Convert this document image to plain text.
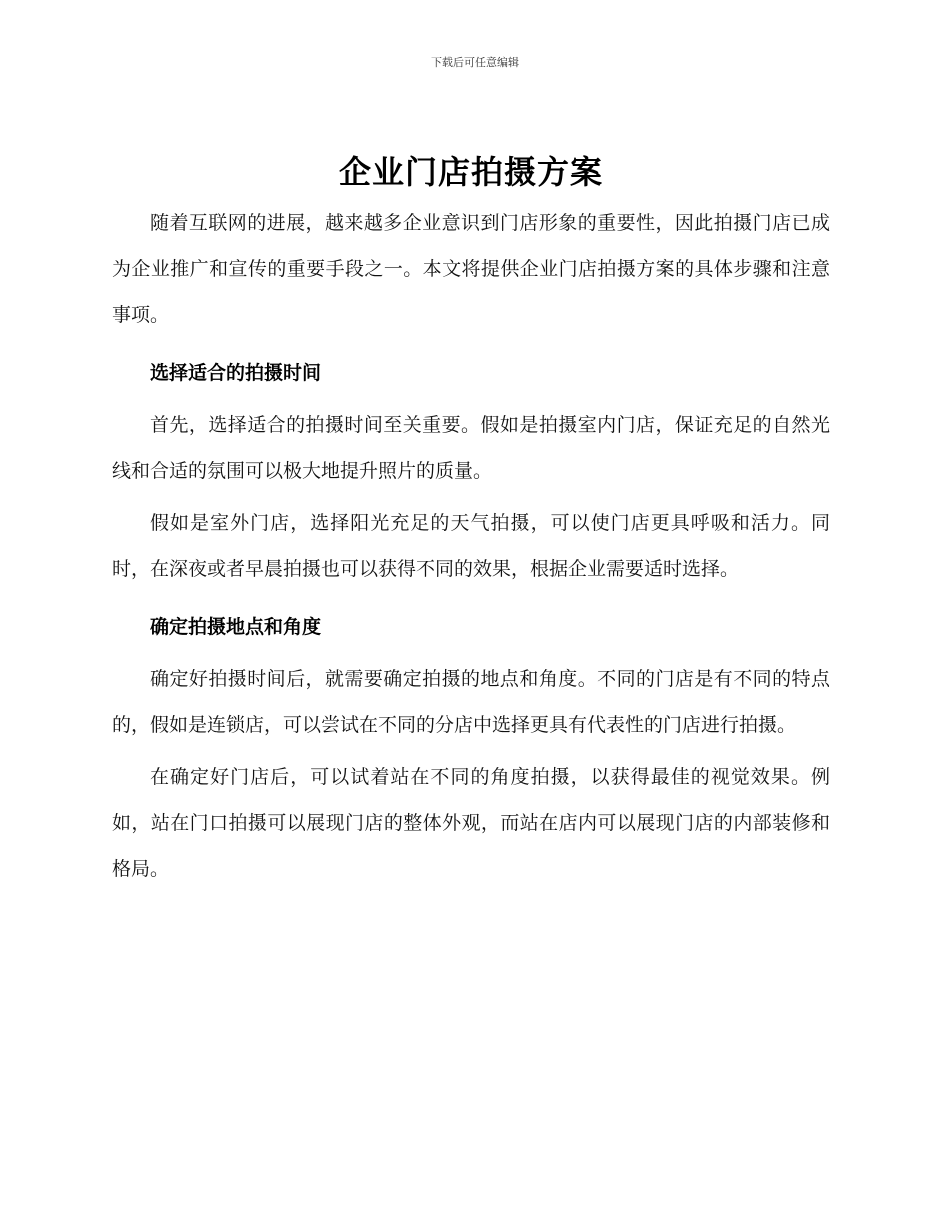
下载后可任意编辑
企业门店拍摄方案

随着互联网的进展，越来越多企业意识到门店形象的重要性，因此拍摄门店已成为企业推广和宣传的重要手段之一。本文将提供企业门店拍摄方案的具体步骤和注意事项。

选择适合的拍摄时间

首先，选择适合的拍摄时间至关重要。假如是拍摄室内门店，保证充足的自然光线和合适的氛围可以极大地提升照片的质量。

假如是室外门店，选择阳光充足的天气拍摄，可以使门店更具呼吸和活力。同时，在深夜或者早晨拍摄也可以获得不同的效果，根据企业需要适时选择。

确定拍摄地点和角度

确定好拍摄时间后，就需要确定拍摄的地点和角度。不同的门店是有不同的特点的，假如是连锁店，可以尝试在不同的分店中选择更具有代表性的门店进行拍摄。

在确定好门店后，可以试着站在不同的角度拍摄，以获得最佳的视觉效果。例如，站在门口拍摄可以展现门店的整体外观，而站在店内可以展现门店的内部装修和格局。
